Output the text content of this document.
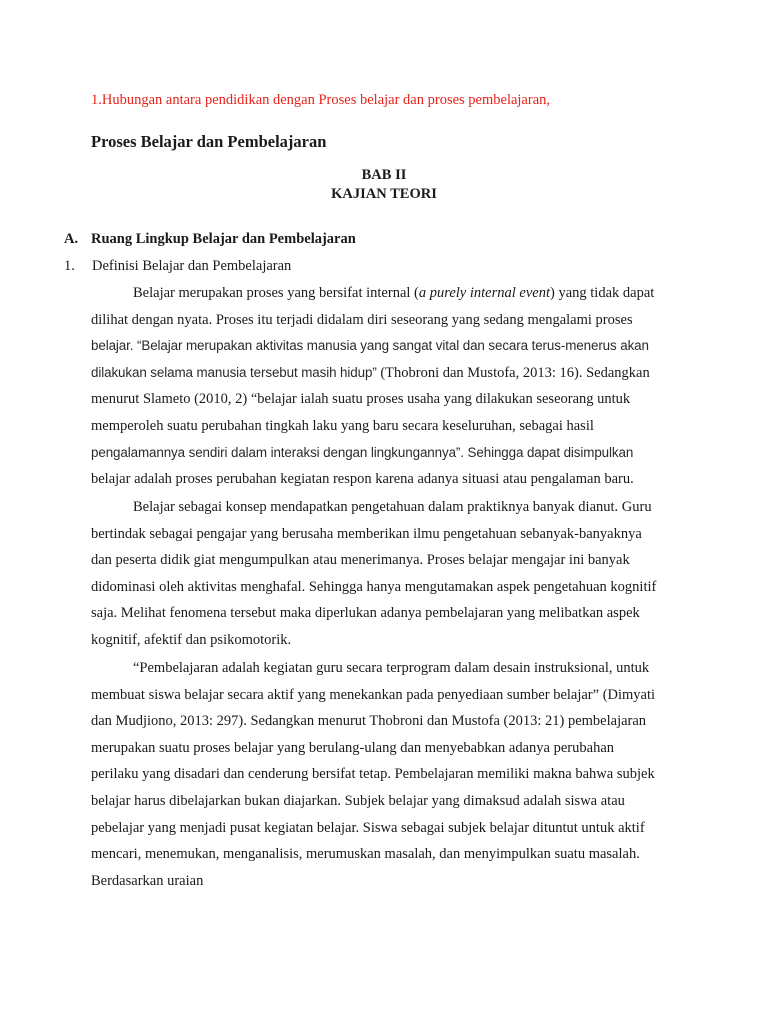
1.Hubungan antara pendidikan dengan Proses belajar dan proses pembelajaran,
Proses Belajar dan Pembelajaran
BAB II
KAJIAN TEORI
A. Ruang Lingkup Belajar dan Pembelajaran
1. Definisi Belajar dan Pembelajaran
Belajar merupakan proses yang bersifat internal (a purely internal event) yang tidak dapat
dilihat dengan nyata. Proses itu terjadi didalam diri seseorang yang sedang mengalami proses
belajar. “Belajar merupakan aktivitas manusia yang sangat vital dan secara terus-menerus akan
dilakukan selama manusia tersebut masih hidup” (Thobroni dan Mustofa, 2013: 16). Sedangkan
menurut Slameto (2010, 2) “belajar ialah suatu proses usaha yang dilakukan seseorang untuk
memperoleh suatu perubahan tingkah laku yang baru secara keseluruhan, sebagai hasil
pengalamannya sendiri dalam interaksi dengan lingkungannya”. Sehingga dapat disimpulkan
belajar adalah proses perubahan kegiatan respon karena adanya situasi atau pengalaman baru.
Belajar sebagai konsep mendapatkan pengetahuan dalam praktiknya banyak dianut. Guru
bertindak sebagai pengajar yang berusaha memberikan ilmu pengetahuan sebanyak-banyaknya
dan peserta didik giat mengumpulkan atau menerimanya. Proses belajar mengajar ini banyak
didominasi oleh aktivitas menghafal. Sehingga hanya mengutamakan aspek pengetahuan kognitif
saja. Melihat fenomena tersebut maka diperlukan adanya pembelajaran yang melibatkan aspek
kognitif, afektif dan psikomotorik.
“Pembelajaran adalah kegiatan guru secara terprogram dalam desain instruksional, untuk
membuat siswa belajar secara aktif yang menekankan pada penyediaan sumber belajar” (Dimyati
dan Mudjiono, 2013: 297). Sedangkan menurut Thobroni dan Mustofa (2013: 21) pembelajaran
merupakan suatu proses belajar yang berulang-ulang dan menyebabkan adanya perubahan
perilaku yang disadari dan cenderung bersifat tetap. Pembelajaran memiliki makna bahwa subjek
belajar harus dibelajarkan bukan diajarkan. Subjek belajar yang dimaksud adalah siswa atau
pebelajar yang menjadi pusat kegiatan belajar. Siswa sebagai subjek belajar dituntut untuk aktif
mencari, menemukan, menganalisis, merumuskan masalah, dan menyimpulkan suatu masalah.
Berdasarkan uraian
